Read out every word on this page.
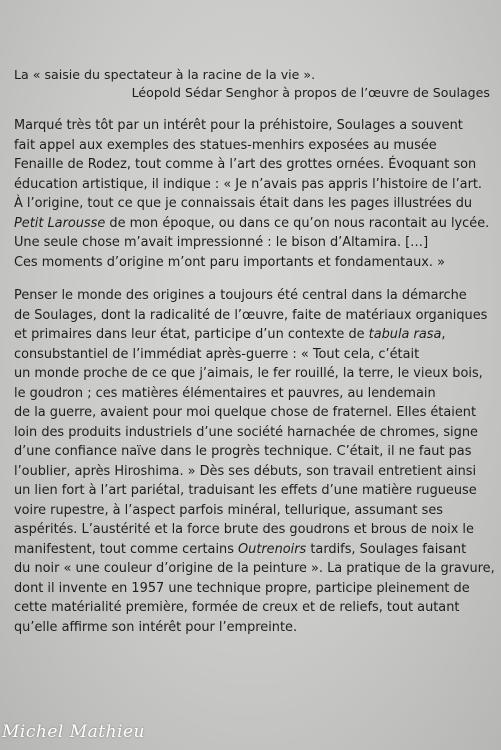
La « saisie du spectateur à la racine de la vie ».
Léopold Sédar Senghor à propos de l’œuvre de Soulages
Marqué très tôt par un intérêt pour la préhistoire, Soulages a souvent
fait appel aux exemples des statues-menhirs exposées au musée
Fenaille de Rodez, tout comme à l’art des grottes ornées. Évoquant son
éducation artistique, il indique : « Je n’avais pas appris l’histoire de l’art.
À l’origine, tout ce que je connaissais était dans les pages illustrées du
Petit Larousse de mon époque, ou dans ce qu’on nous racontait au lycée.
Une seule chose m’avait impressionné : le bison d’Altamira. […]
Ces moments d’origine m’ont paru importants et fondamentaux. »
Penser le monde des origines a toujours été central dans la démarche
de Soulages, dont la radicalité de l’œuvre, faite de matériaux organiques
et primaires dans leur état, participe d’un contexte de tabula rasa,
consubstantiel de l’immédiat après-guerre : « Tout cela, c’était
un monde proche de ce que j’aimais, le fer rouillé, la terre, le vieux bois,
le goudron ; ces matières élémentaires et pauvres, au lendemain
de la guerre, avaient pour moi quelque chose de fraternel. Elles étaient
loin des produits industriels d’une société harnachée de chromes, signe
d’une confiance naïve dans le progrès technique. C’était, il ne faut pas
l’oublier, après Hiroshima. » Dès ses débuts, son travail entretient ainsi
un lien fort à l’art pariétal, traduisant les effets d’une matière rugueuse
voire rupestre, à l’aspect parfois minéral, tellurique, assumant ses
aspérités. L’austérité et la force brute des goudrons et brous de noix le
manifestent, tout comme certains Outrenoirs tardifs, Soulages faisant
du noir « une couleur d’origine de la peinture ». La pratique de la gravure,
dont il invente en 1957 une technique propre, participe pleinement de
cette matérialité première, formée de creux et de reliefs, tout autant
qu’elle affirme son intérêt pour l’empreinte.
Michel Mathieu
